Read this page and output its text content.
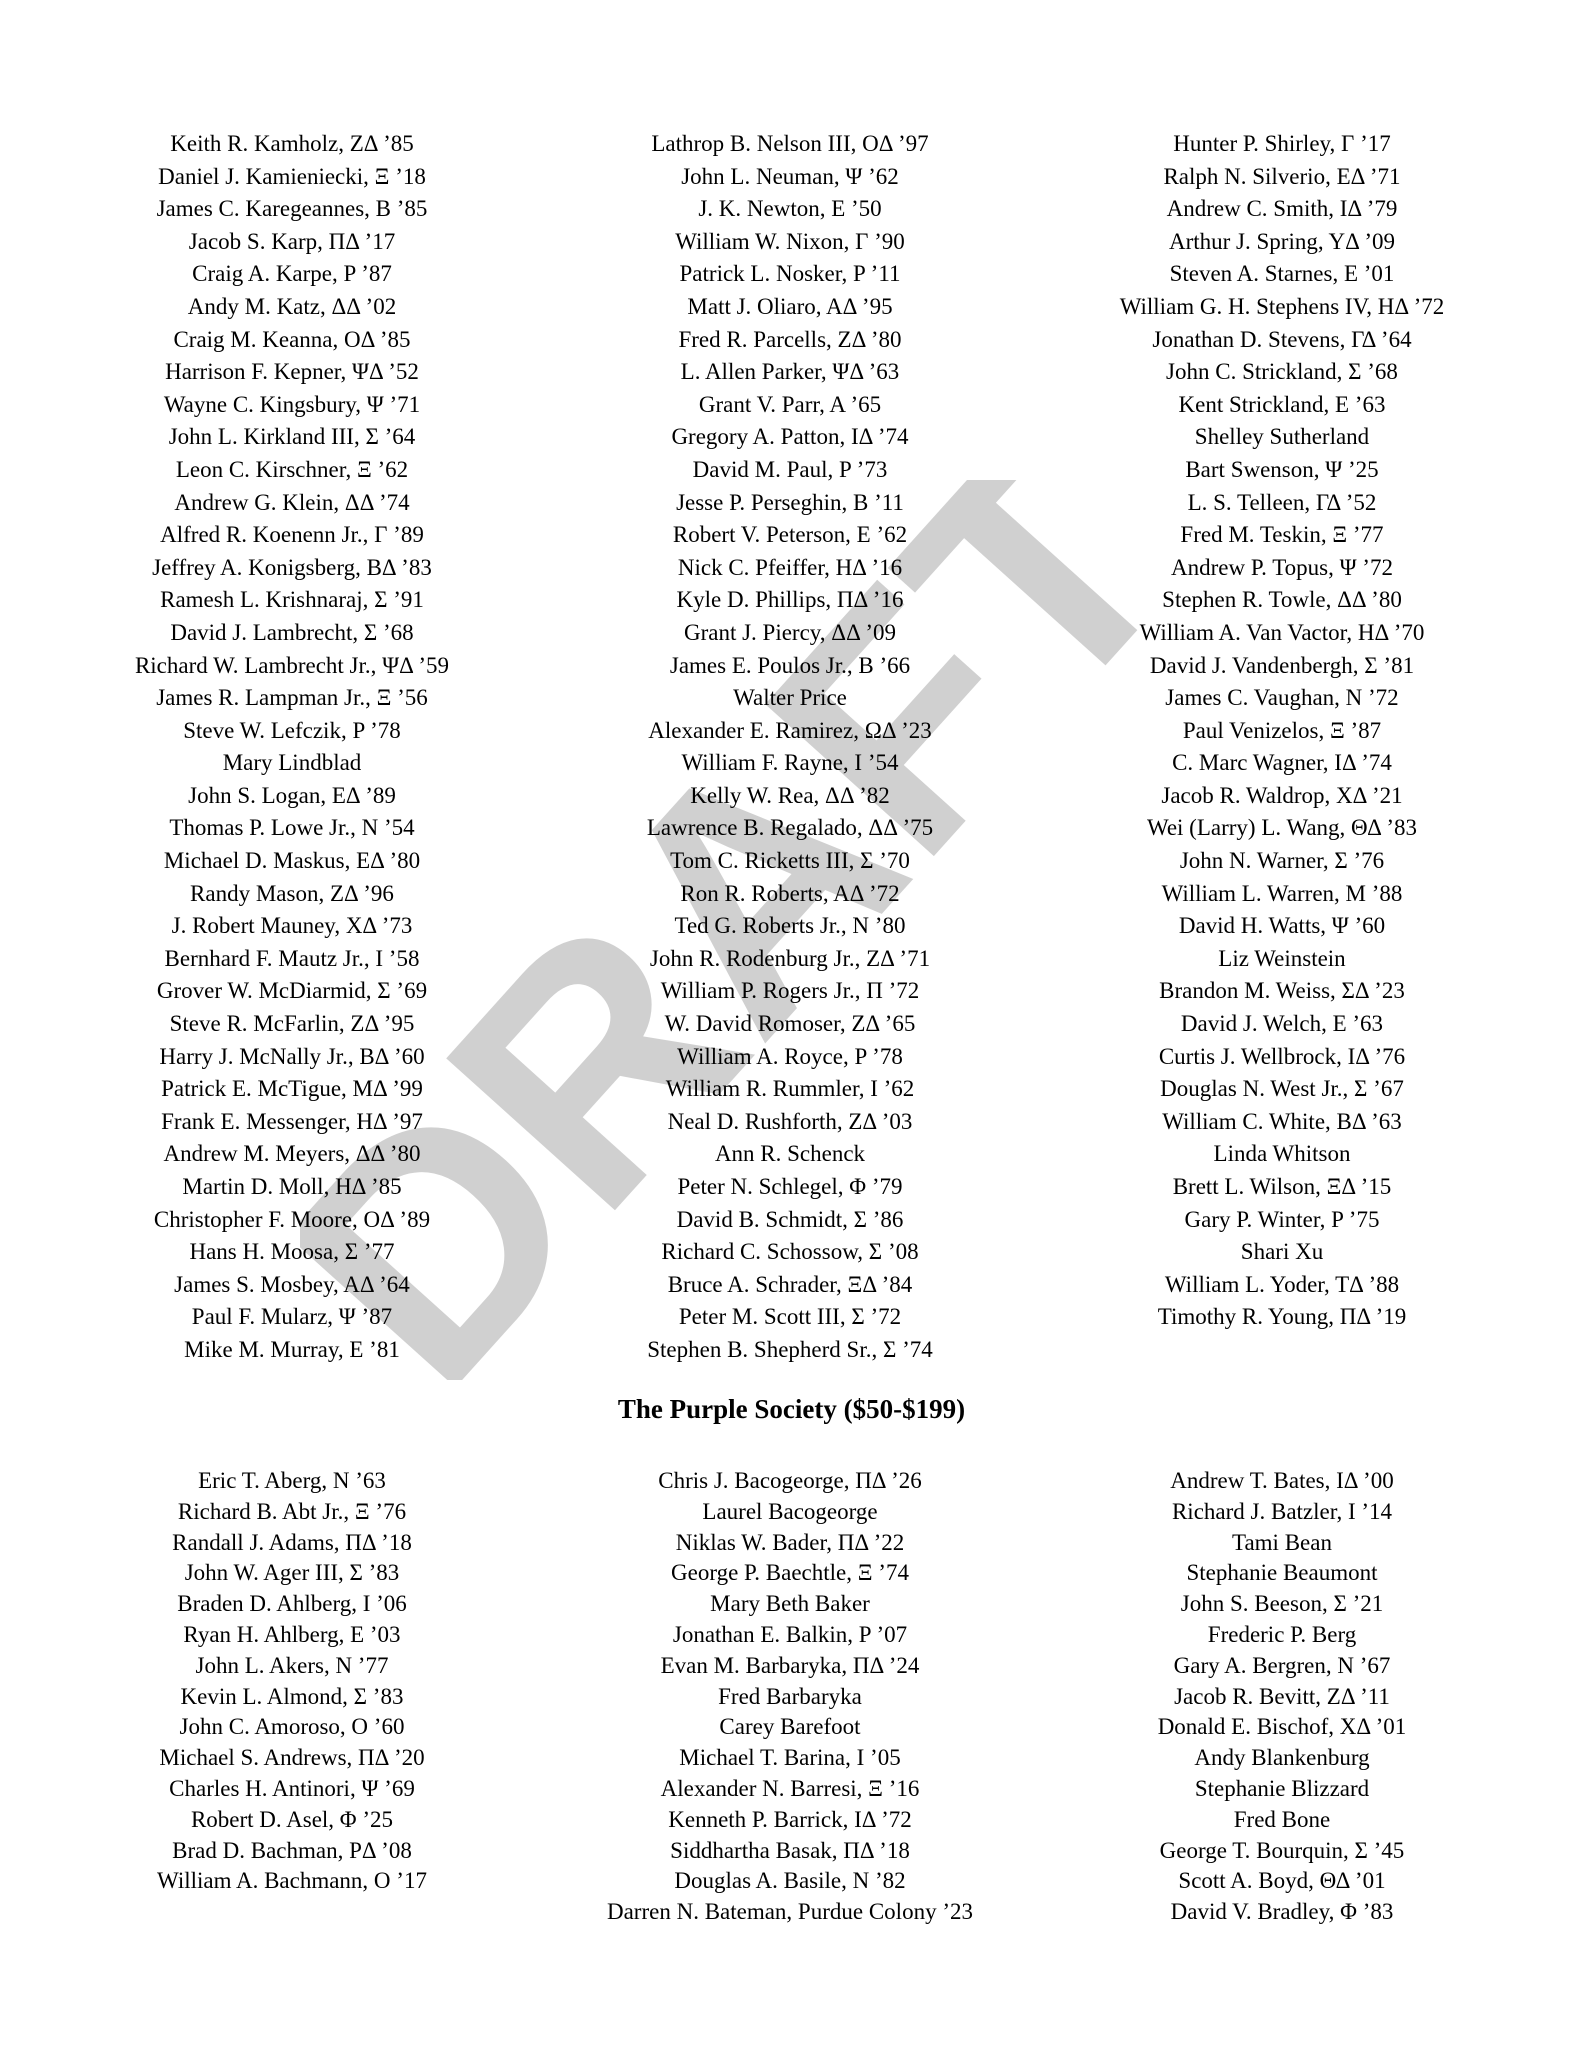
DRAFT
Keith R. Kamholz, ZΔ ’85
Daniel J. Kamieniecki, Ξ ’18
James C. Karegeannes, B ’85
Jacob S. Karp, ΠΔ ’17
Craig A. Karpe, P ’87
Andy M. Katz, ΔΔ ’02
Craig M. Keanna, OΔ ’85
Harrison F. Kepner, ΨΔ ’52
Wayne C. Kingsbury, Ψ ’71
John L. Kirkland III, Σ ’64
Leon C. Kirschner, Ξ ’62
Andrew G. Klein, ΔΔ ’74
Alfred R. Koenenn Jr., Γ ’89
Jeffrey A. Konigsberg, BΔ ’83
Ramesh L. Krishnaraj, Σ ’91
David J. Lambrecht, Σ ’68
Richard W. Lambrecht Jr., ΨΔ ’59
James R. Lampman Jr., Ξ ’56
Steve W. Lefczik, P ’78
Mary Lindblad
John S. Logan, EΔ ’89
Thomas P. Lowe Jr., N ’54
Michael D. Maskus, EΔ ’80
Randy Mason, ZΔ ’96
J. Robert Mauney, XΔ ’73
Bernhard F. Mautz Jr., I ’58
Grover W. McDiarmid, Σ ’69
Steve R. McFarlin, ZΔ ’95
Harry J. McNally Jr., BΔ ’60
Patrick E. McTigue, MΔ ’99
Frank E. Messenger, HΔ ’97
Andrew M. Meyers, ΔΔ ’80
Martin D. Moll, HΔ ’85
Christopher F. Moore, OΔ ’89
Hans H. Moosa, Σ ’77
James S. Mosbey, AΔ ’64
Paul F. Mularz, Ψ ’87
Mike M. Murray, E ’81
Lathrop B. Nelson III, OΔ ’97
John L. Neuman, Ψ ’62
J. K. Newton, E ’50
William W. Nixon, Γ ’90
Patrick L. Nosker, P ’11
Matt J. Oliaro, AΔ ’95
Fred R. Parcells, ZΔ ’80
L. Allen Parker, ΨΔ ’63
Grant V. Parr, A ’65
Gregory A. Patton, IΔ ’74
David M. Paul, P ’73
Jesse P. Perseghin, B ’11
Robert V. Peterson, E ’62
Nick C. Pfeiffer, HΔ ’16
Kyle D. Phillips, ΠΔ ’16
Grant J. Piercy, ΔΔ ’09
James E. Poulos Jr., B ’66
Walter Price
Alexander E. Ramirez, ΩΔ ’23
William F. Rayne, I ’54
Kelly W. Rea, ΔΔ ’82
Lawrence B. Regalado, ΔΔ ’75
Tom C. Ricketts III, Σ ’70
Ron R. Roberts, AΔ ’72
Ted G. Roberts Jr., N ’80
John R. Rodenburg Jr., ZΔ ’71
William P. Rogers Jr., Π ’72
W. David Romoser, ZΔ ’65
William A. Royce, P ’78
William R. Rummler, I ’62
Neal D. Rushforth, ZΔ ’03
Ann R. Schenck
Peter N. Schlegel, Φ ’79
David B. Schmidt, Σ ’86
Richard C. Schossow, Σ ’08
Bruce A. Schrader, ΞΔ ’84
Peter M. Scott III, Σ ’72
Stephen B. Shepherd Sr., Σ ’74
Hunter P. Shirley, Γ ’17
Ralph N. Silverio, EΔ ’71
Andrew C. Smith, IΔ ’79
Arthur J. Spring, YΔ ’09
Steven A. Starnes, E ’01
William G. H. Stephens IV, HΔ ’72
Jonathan D. Stevens, ΓΔ ’64
John C. Strickland, Σ ’68
Kent Strickland, E ’63
Shelley Sutherland
Bart Swenson, Ψ ’25
L. S. Telleen, ΓΔ ’52
Fred M. Teskin, Ξ ’77
Andrew P. Topus, Ψ ’72
Stephen R. Towle, ΔΔ ’80
William A. Van Vactor, HΔ ’70
David J. Vandenbergh, Σ ’81
James C. Vaughan, N ’72
Paul Venizelos, Ξ ’87
C. Marc Wagner, IΔ ’74
Jacob R. Waldrop, XΔ ’21
Wei (Larry) L. Wang, ΘΔ ’83
John N. Warner, Σ ’76
William L. Warren, M ’88
David H. Watts, Ψ ’60
Liz Weinstein
Brandon M. Weiss, ΣΔ ’23
David J. Welch, E ’63
Curtis J. Wellbrock, IΔ ’76
Douglas N. West Jr., Σ ’67
William C. White, BΔ ’63
Linda Whitson
Brett L. Wilson, ΞΔ ’15
Gary P. Winter, P ’75
Shari Xu
William L. Yoder, TΔ ’88
Timothy R. Young, ΠΔ ’19
The Purple Society ($50-$199)
Eric T. Aberg, N ’63
Richard B. Abt Jr., Ξ ’76
Randall J. Adams, ΠΔ ’18
John W. Ager III, Σ ’83
Braden D. Ahlberg, I ’06
Ryan H. Ahlberg, E ’03
John L. Akers, N ’77
Kevin L. Almond, Σ ’83
John C. Amoroso, O ’60
Michael S. Andrews, ΠΔ ’20
Charles H. Antinori, Ψ ’69
Robert D. Asel, Φ ’25
Brad D. Bachman, PΔ ’08
William A. Bachmann, O ’17
Chris J. Bacogeorge, ΠΔ ’26
Laurel Bacogeorge
Niklas W. Bader, ΠΔ ’22
George P. Baechtle, Ξ ’74
Mary Beth Baker
Jonathan E. Balkin, P ’07
Evan M. Barbaryka, ΠΔ ’24
Fred Barbaryka
Carey Barefoot
Michael T. Barina, I ’05
Alexander N. Barresi, Ξ ’16
Kenneth P. Barrick, IΔ ’72
Siddhartha Basak, ΠΔ ’18
Douglas A. Basile, N ’82
Darren N. Bateman, Purdue Colony ’23
Andrew T. Bates, IΔ ’00
Richard J. Batzler, I ’14
Tami Bean
Stephanie Beaumont
John S. Beeson, Σ ’21
Frederic P. Berg
Gary A. Bergren, N ’67
Jacob R. Bevitt, ZΔ ’11
Donald E. Bischof, XΔ ’01
Andy Blankenburg
Stephanie Blizzard
Fred Bone
George T. Bourquin, Σ ’45
Scott A. Boyd, ΘΔ ’01
David V. Bradley, Φ ’83
